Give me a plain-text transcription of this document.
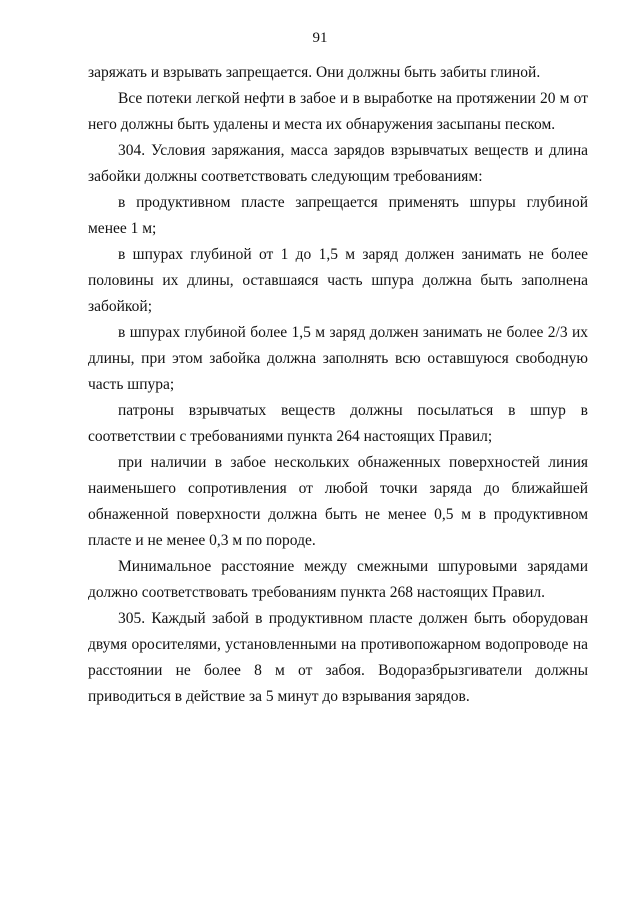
91

заряжать и взрывать запрещается. Они должны быть забиты глиной.

Все потеки легкой нефти в забое и в выработке на протяжении 20 м от него должны быть удалены и места их обнаружения засыпаны песком.

304. Условия заряжания, масса зарядов взрывчатых веществ и длина забойки должны соответствовать следующим требованиям:

в продуктивном пласте запрещается применять шпуры глубиной менее 1 м;

в шпурах глубиной от 1 до 1,5 м заряд должен занимать не более половины их длины, оставшаяся часть шпура должна быть заполнена забойкой;

в шпурах глубиной более 1,5 м заряд должен занимать не более 2/3 их длины, при этом забойка должна заполнять всю оставшуюся свободную часть шпура;

патроны взрывчатых веществ должны посылаться в шпур в соответствии с требованиями пункта 264 настоящих Правил;

при наличии в забое нескольких обнаженных поверхностей линия наименьшего сопротивления от любой точки заряда до ближайшей обнаженной поверхности должна быть не менее 0,5 м в продуктивном пласте и не менее 0,3 м по породе.

Минимальное расстояние между смежными шпуровыми зарядами должно соответствовать требованиям пункта 268 настоящих Правил.

305. Каждый забой в продуктивном пласте должен быть оборудован двумя оросителями, установленными на противопожарном водопроводе на расстоянии не более 8 м от забоя. Водоразбрызгиватели должны приводиться в действие за 5 минут до взрывания зарядов.
